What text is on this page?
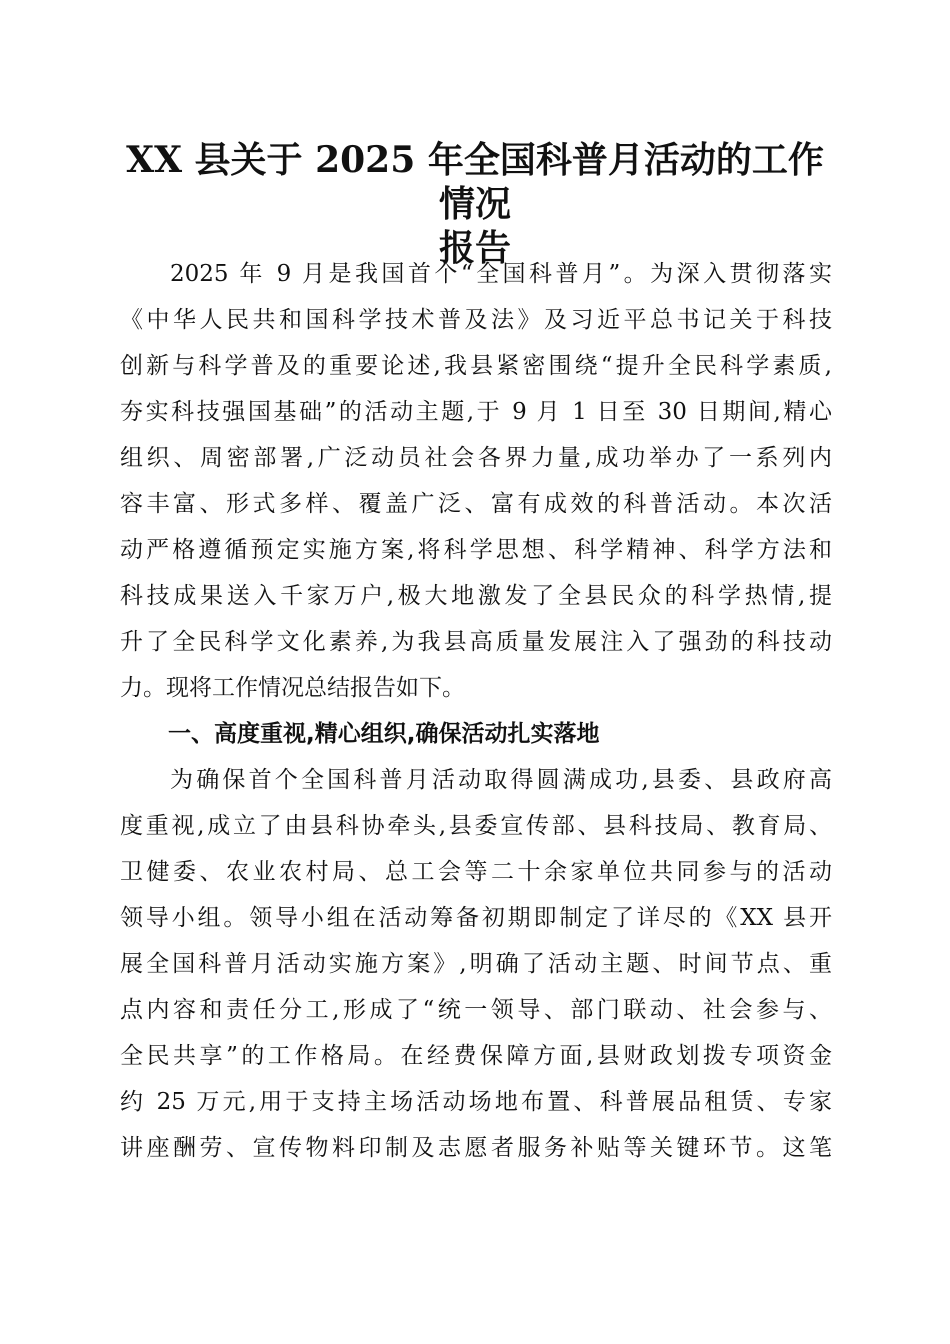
XX 县关于 2025 年全国科普月活动的工作情况
报告
2025 年 9 月是我国首个“全国科普月”。为深入贯彻落实
《中华人民共和国科学技术普及法》及习近平总书记关于科技
创新与科学普及的重要论述,我县紧密围绕“提升全民科学素质,
夯实科技强国基础”的活动主题,于 9 月 1 日至 30 日期间,精心
组织、周密部署,广泛动员社会各界力量,成功举办了一系列内
容丰富、形式多样、覆盖广泛、富有成效的科普活动。本次活
动严格遵循预定实施方案,将科学思想、科学精神、科学方法和
科技成果送入千家万户,极大地激发了全县民众的科学热情,提
升了全民科学文化素养,为我县高质量发展注入了强劲的科技动
力。现将工作情况总结报告如下。
一、高度重视,精心组织,确保活动扎实落地
为确保首个全国科普月活动取得圆满成功,县委、县政府高
度重视,成立了由县科协牵头,县委宣传部、县科技局、教育局、
卫健委、农业农村局、总工会等二十余家单位共同参与的活动
领导小组。领导小组在活动筹备初期即制定了详尽的《XX 县开
展全国科普月活动实施方案》,明确了活动主题、时间节点、重
点内容和责任分工,形成了“统一领导、部门联动、社会参与、
全民共享”的工作格局。在经费保障方面,县财政划拨专项资金
约 25 万元,用于支持主场活动场地布置、科普展品租赁、专家
讲座酬劳、宣传物料印制及志愿者服务补贴等关键环节。这笔
